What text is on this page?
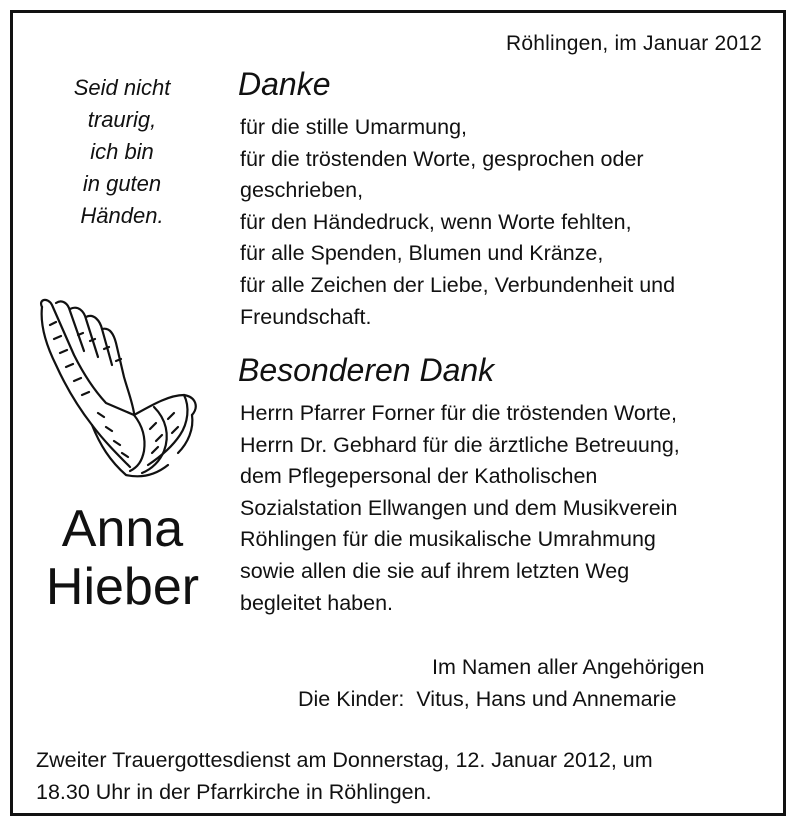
Röhlingen, im Januar 2012
Seid nicht
traurig,
ich bin
in guten
Händen.
Anna
Hieber
Danke
für die stille Umarmung,
für die tröstenden Worte, gesprochen oder
geschrieben,
für den Händedruck, wenn Worte fehlten,
für alle Spenden, Blumen und Kränze,
für alle Zeichen der Liebe, Verbundenheit und
Freundschaft.
Besonderen Dank
Herrn Pfarrer Forner für die tröstenden Worte,
Herrn Dr. Gebhard für die ärztliche Betreuung,
dem Pflegepersonal der Katholischen
Sozialstation Ellwangen und dem Musikverein
Röhlingen für die musikalische Umrahmung
sowie allen die sie auf ihrem letzten Weg
begleitet haben.
Im Namen aller Angehörigen
Die Kinder: Vitus, Hans und Annemarie
Zweiter Trauergottesdienst am Donnerstag, 12. Januar 2012, um
18.30 Uhr in der Pfarrkirche in Röhlingen.
